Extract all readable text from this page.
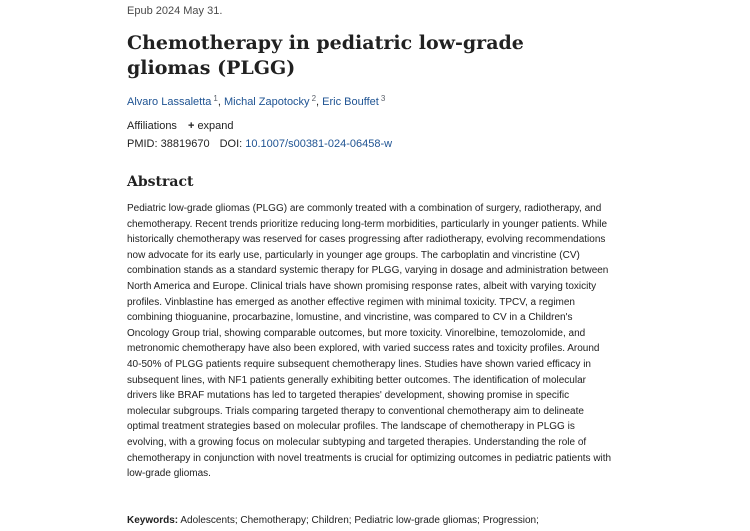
Epub 2024 May 31.
Chemotherapy in pediatric low-grade gliomas (PLGG)
Alvaro Lassaletta $^1$, Michal Zapotocky $^2$, Eric Bouffet $^3$
Affiliations + expand
PMID: 38819670 DOI: 10.1007/s00381-024-06458-w
Abstract

Pediatric low-grade gliomas (PLGG) are commonly treated with a combination of surgery, radiotherapy, and chemotherapy. Recent trends prioritize reducing long-term morbidities, particularly in younger patients. While historically chemotherapy was reserved for cases progressing after radiotherapy, evolving recommendations now advocate for its early use, particularly in younger age groups. The carboplatin and vincristine (CV) combination stands as a standard systemic therapy for PLGG, varying in dosage and administration between North America and Europe. Clinical trials have shown promising response rates, albeit with varying toxicity profiles. Vinblastine has emerged as another effective regimen with minimal toxicity. TPCV, a regimen combining thioguanine, procarbazine, lomustine, and vincristine, was compared to CV in a Children's Oncology Group trial, showing comparable outcomes, but more toxicity. Vinorelbine, temozolomide, and metronomic chemotherapy have also been explored, with varied success rates and toxicity profiles. Around 40-50% of PLGG patients require subsequent chemotherapy lines. Studies have shown varied efficacy in subsequent lines, with NF1 patients generally exhibiting better outcomes. The identification of molecular drivers like BRAF mutations has led to targeted therapies' development, showing promise in specific molecular subgroups. Trials comparing targeted therapy to conventional chemotherapy aim to delineate optimal treatment strategies based on molecular profiles. The landscape of chemotherapy in PLGG is evolving, with a growing focus on molecular subtyping and targeted therapies. Understanding the role of chemotherapy in conjunction with novel treatments is crucial for optimizing outcomes in pediatric patients with low-grade gliomas.

Keywords: Adolescents; Chemotherapy; Children; Pediatric low-grade gliomas; Progression;
